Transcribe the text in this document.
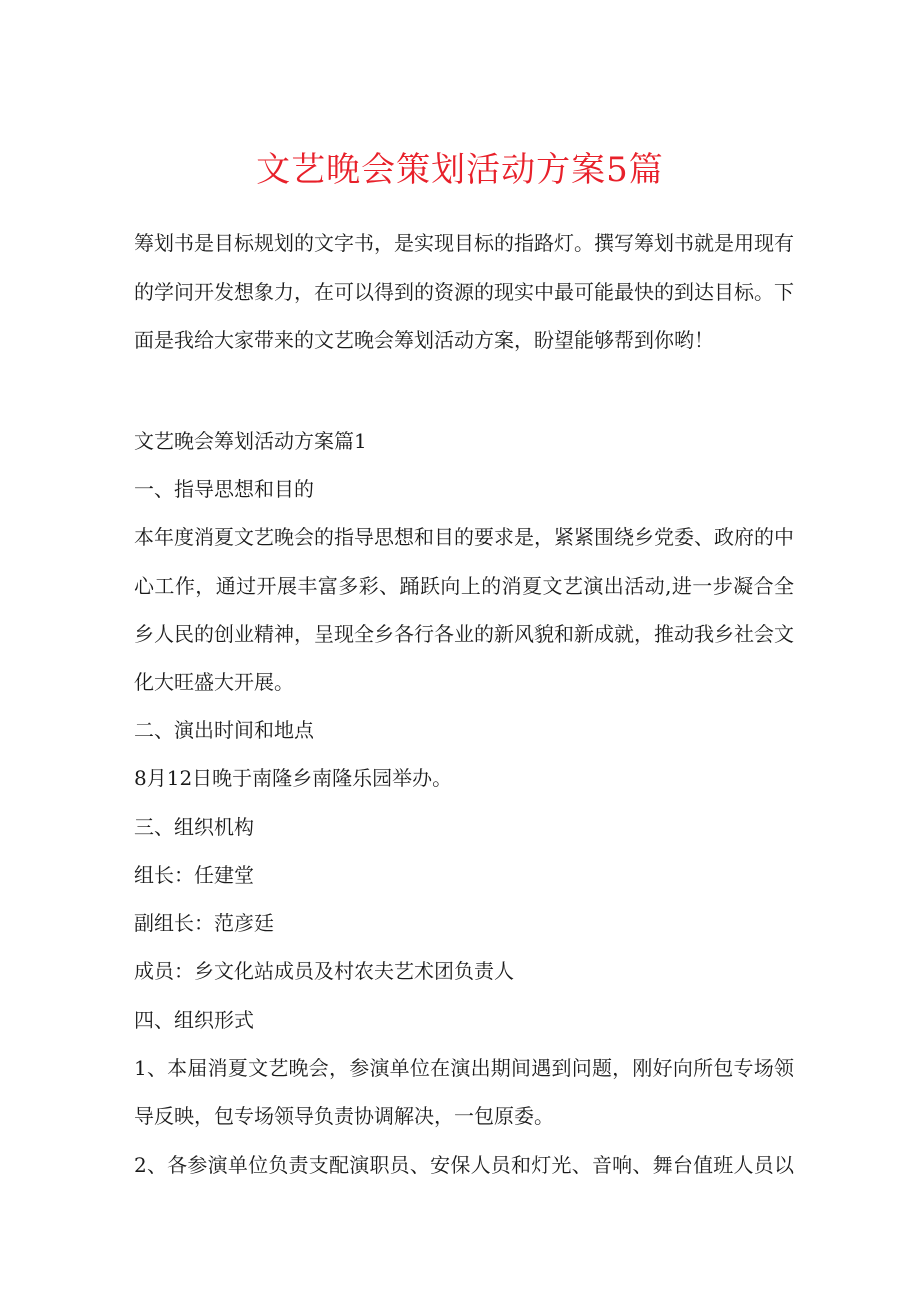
文艺晚会策划活动方案5篇

筹划书是目标规划的文字书，是实现目标的指路灯。撰写筹划书就是用现有

的学问开发想象力，在可以得到的资源的现实中最可能最快的到达目标。下

面是我给大家带来的文艺晚会筹划活动方案，盼望能够帮到你哟！

文艺晚会筹划活动方案篇1

一、指导思想和目的

本年度消夏文艺晚会的指导思想和目的要求是，紧紧围绕乡党委、政府的中

心工作，通过开展丰富多彩、踊跃向上的消夏文艺演出活动,进一步凝合全

乡人民的创业精神，呈现全乡各行各业的新风貌和新成就，推动我乡社会文

化大旺盛大开展。

二、演出时间和地点

8月12日晚于南隆乡南隆乐园举办。

三、组织机构

组长：任建堂

副组长：范彦廷

成员：乡文化站成员及村农夫艺术团负责人

四、组织形式

1、本届消夏文艺晚会，参演单位在演出期间遇到问题，刚好向所包专场领

导反映，包专场领导负责协调解决，一包原委。

2、各参演单位负责支配演职员、安保人员和灯光、音响、舞台值班人员以
